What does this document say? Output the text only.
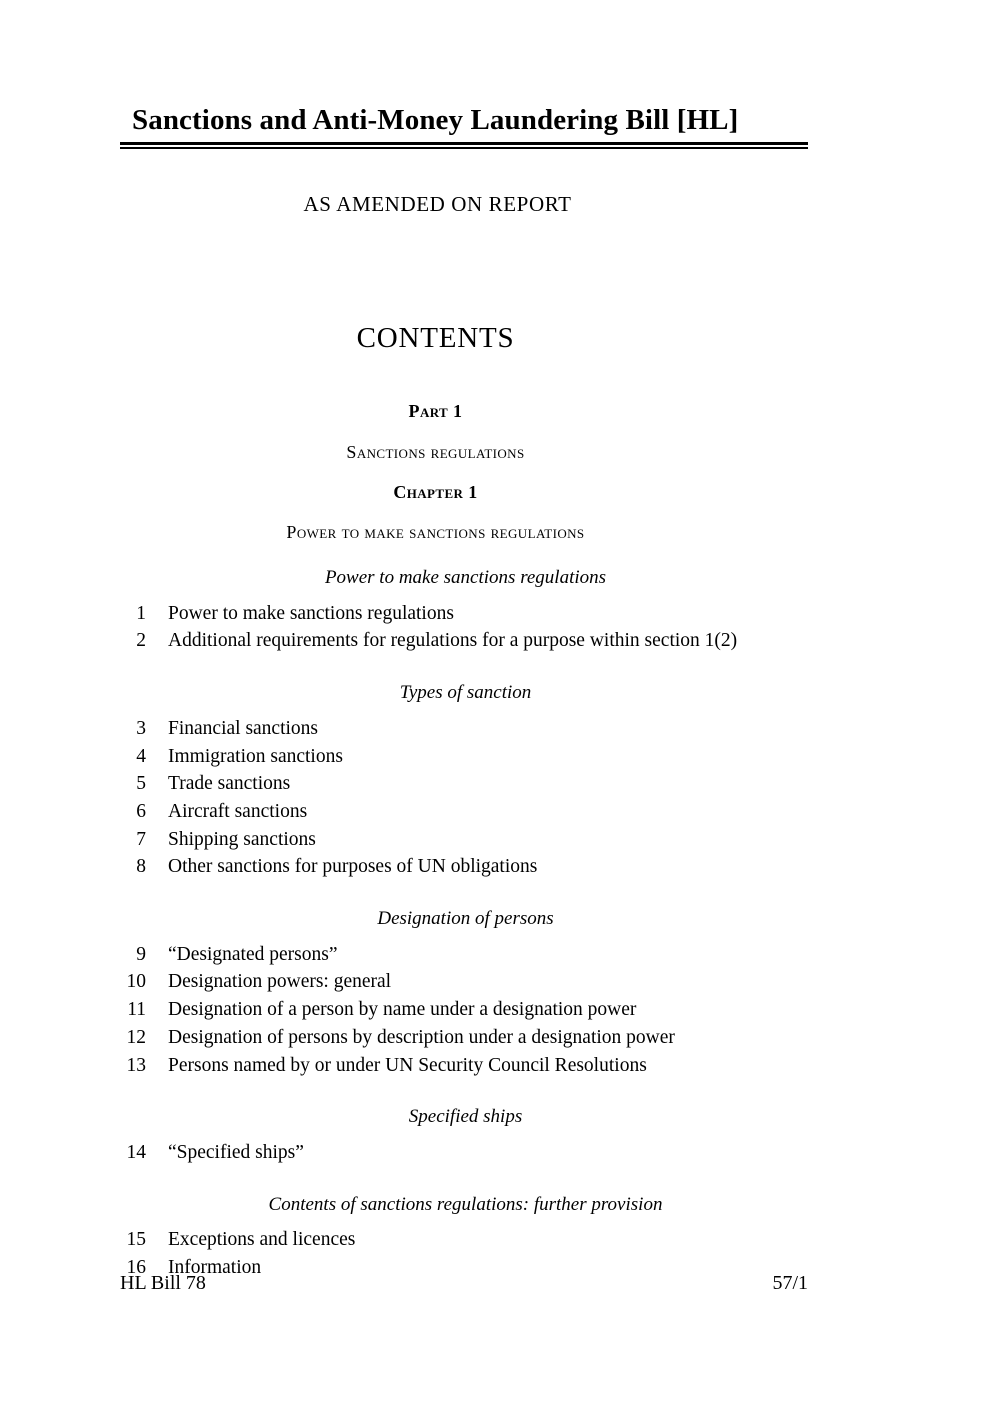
Sanctions and Anti-Money Laundering Bill [HL]
AS AMENDED ON REPORT
CONTENTS
Part 1
Sanctions regulations
Chapter 1
Power to make sanctions regulations
Power to make sanctions regulations
1	Power to make sanctions regulations
2	Additional requirements for regulations for a purpose within section 1(2)
Types of sanction
3	Financial sanctions
4	Immigration sanctions
5	Trade sanctions
6	Aircraft sanctions
7	Shipping sanctions
8	Other sanctions for purposes of UN obligations
Designation of persons
9	“Designated persons”
10	Designation powers: general
11	Designation of a person by name under a designation power
12	Designation of persons by description under a designation power
13	Persons named by or under UN Security Council Resolutions
Specified ships
14	“Specified ships”
Contents of sanctions regulations: further provision
15	Exceptions and licences
16	Information
HL Bill 78	57/1
